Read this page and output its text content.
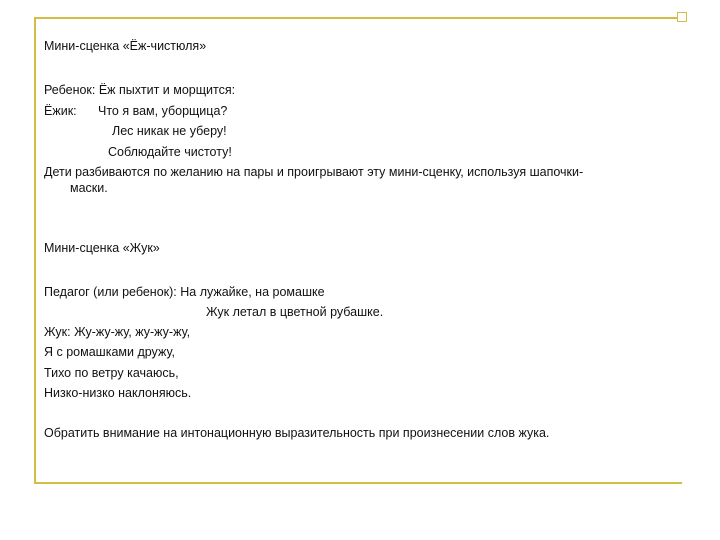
Мини-сценка «Ёж-чистюля»
Ребенок: Ёж пыхтит и морщится:
Ёжик: Что я вам, уборщица?
Лес никак не уберу!
Соблюдайте чистоту!
Дети разбиваются по желанию на пары и проигрывают эту мини-сценку, используя шапочки-
маски.
Мини-сценка «Жук»
Педагог (или ребенок): На лужайке, на ромашке
Жук летал в цветной рубашке.
Жук: Жу-жу-жу, жу-жу-жу,
Я с ромашками дружу,
Тихо по ветру качаюсь,
Низко-низко наклоняюсь.
Обратить внимание на интонационную выразительность при произнесении слов жука.
